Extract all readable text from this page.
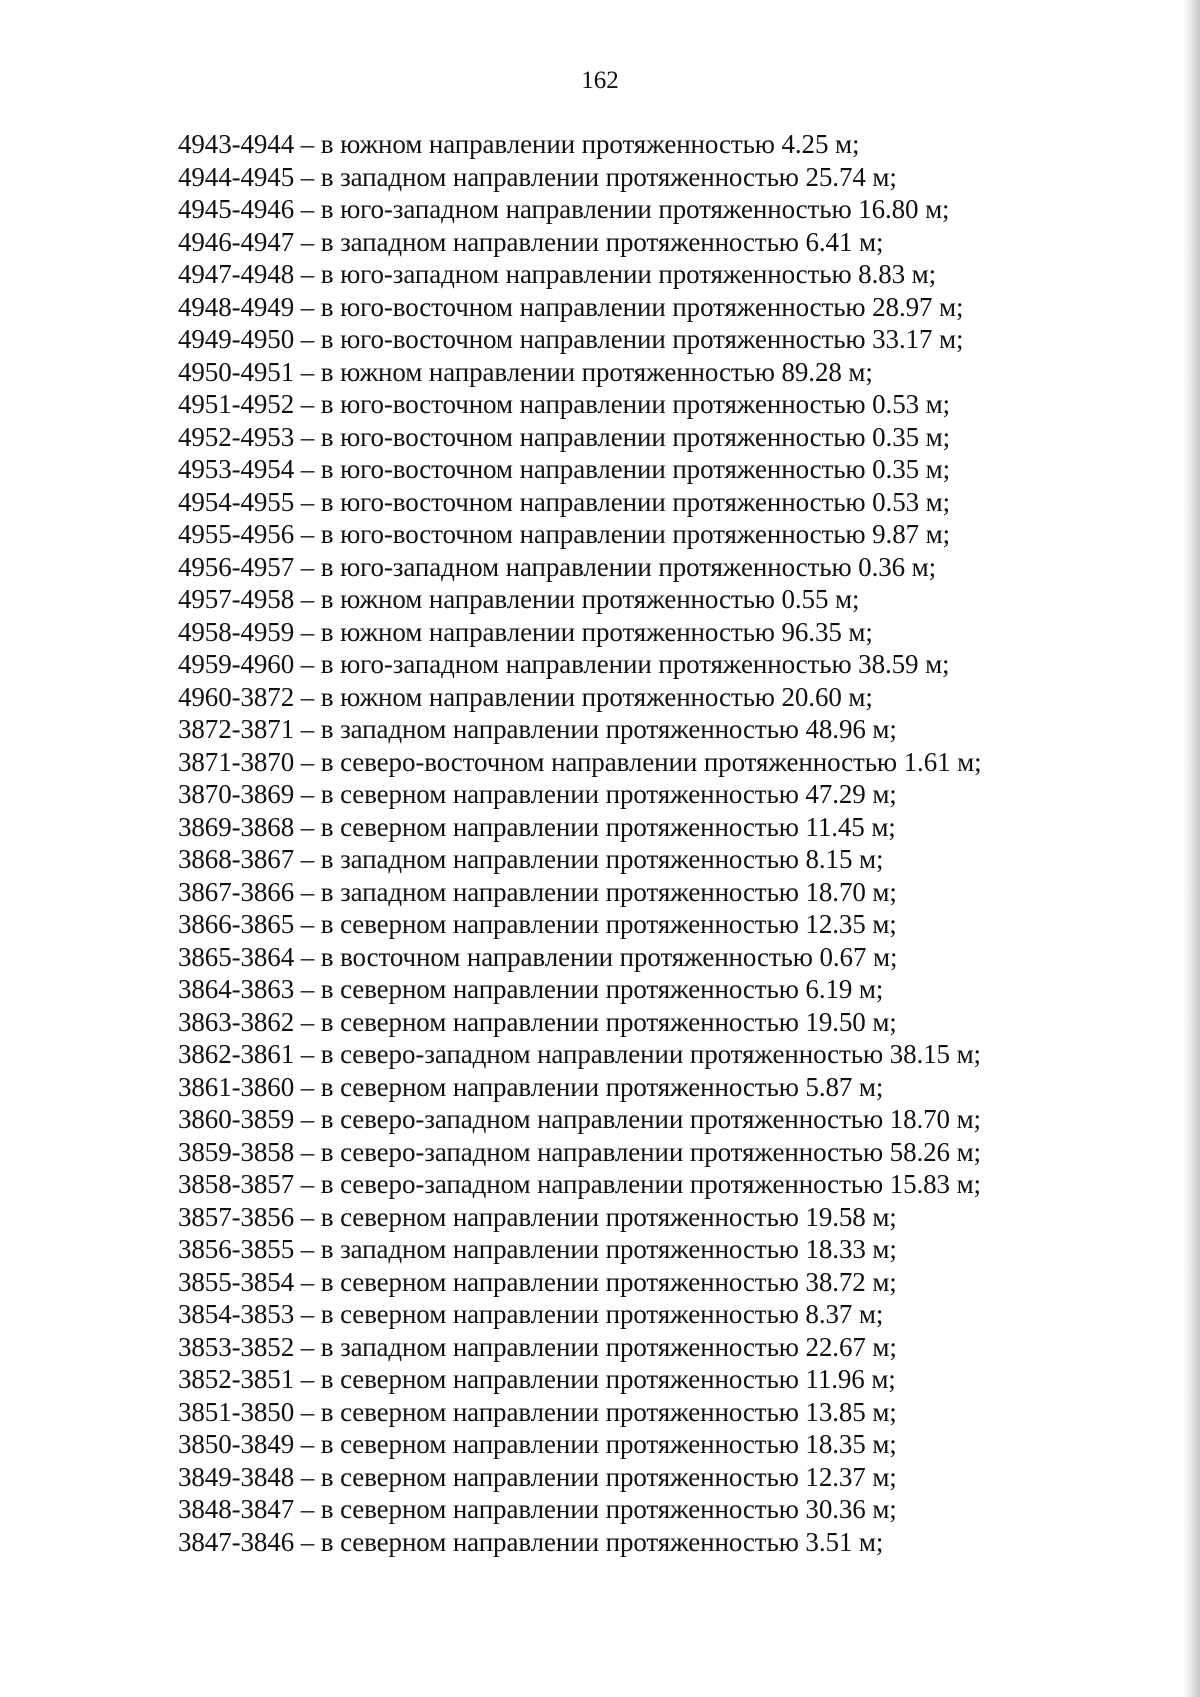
162
4943-4944 – в южном направлении протяженностью 4.25 м;
4944-4945 – в западном направлении протяженностью 25.74 м;
4945-4946 – в юго-западном направлении протяженностью 16.80 м;
4946-4947 – в западном направлении протяженностью 6.41 м;
4947-4948 – в юго-западном направлении протяженностью 8.83 м;
4948-4949 – в юго-восточном направлении протяженностью 28.97 м;
4949-4950 – в юго-восточном направлении протяженностью 33.17 м;
4950-4951 – в южном направлении протяженностью 89.28 м;
4951-4952 – в юго-восточном направлении протяженностью 0.53 м;
4952-4953 – в юго-восточном направлении протяженностью 0.35 м;
4953-4954 – в юго-восточном направлении протяженностью 0.35 м;
4954-4955 – в юго-восточном направлении протяженностью 0.53 м;
4955-4956 – в юго-восточном направлении протяженностью 9.87 м;
4956-4957 – в юго-западном направлении протяженностью 0.36 м;
4957-4958 – в южном направлении протяженностью 0.55 м;
4958-4959 – в южном направлении протяженностью 96.35 м;
4959-4960 – в юго-западном направлении протяженностью 38.59 м;
4960-3872 – в южном направлении протяженностью 20.60 м;
3872-3871 – в западном направлении протяженностью 48.96 м;
3871-3870 – в северо-восточном направлении протяженностью 1.61 м;
3870-3869 – в северном направлении протяженностью 47.29 м;
3869-3868 – в северном направлении протяженностью 11.45 м;
3868-3867 – в западном направлении протяженностью 8.15 м;
3867-3866 – в западном направлении протяженностью 18.70 м;
3866-3865 – в северном направлении протяженностью 12.35 м;
3865-3864 – в восточном направлении протяженностью 0.67 м;
3864-3863 – в северном направлении протяженностью 6.19 м;
3863-3862 – в северном направлении протяженностью 19.50 м;
3862-3861 – в северо-западном направлении протяженностью 38.15 м;
3861-3860 – в северном направлении протяженностью 5.87 м;
3860-3859 – в северо-западном направлении протяженностью 18.70 м;
3859-3858 – в северо-западном направлении протяженностью 58.26 м;
3858-3857 – в северо-западном направлении протяженностью 15.83 м;
3857-3856 – в северном направлении протяженностью 19.58 м;
3856-3855 – в западном направлении протяженностью 18.33 м;
3855-3854 – в северном направлении протяженностью 38.72 м;
3854-3853 – в северном направлении протяженностью 8.37 м;
3853-3852 – в западном направлении протяженностью 22.67 м;
3852-3851 – в северном направлении протяженностью 11.96 м;
3851-3850 – в северном направлении протяженностью 13.85 м;
3850-3849 – в северном направлении протяженностью 18.35 м;
3849-3848 – в северном направлении протяженностью 12.37 м;
3848-3847 – в северном направлении протяженностью 30.36 м;
3847-3846 – в северном направлении протяженностью 3.51 м;
